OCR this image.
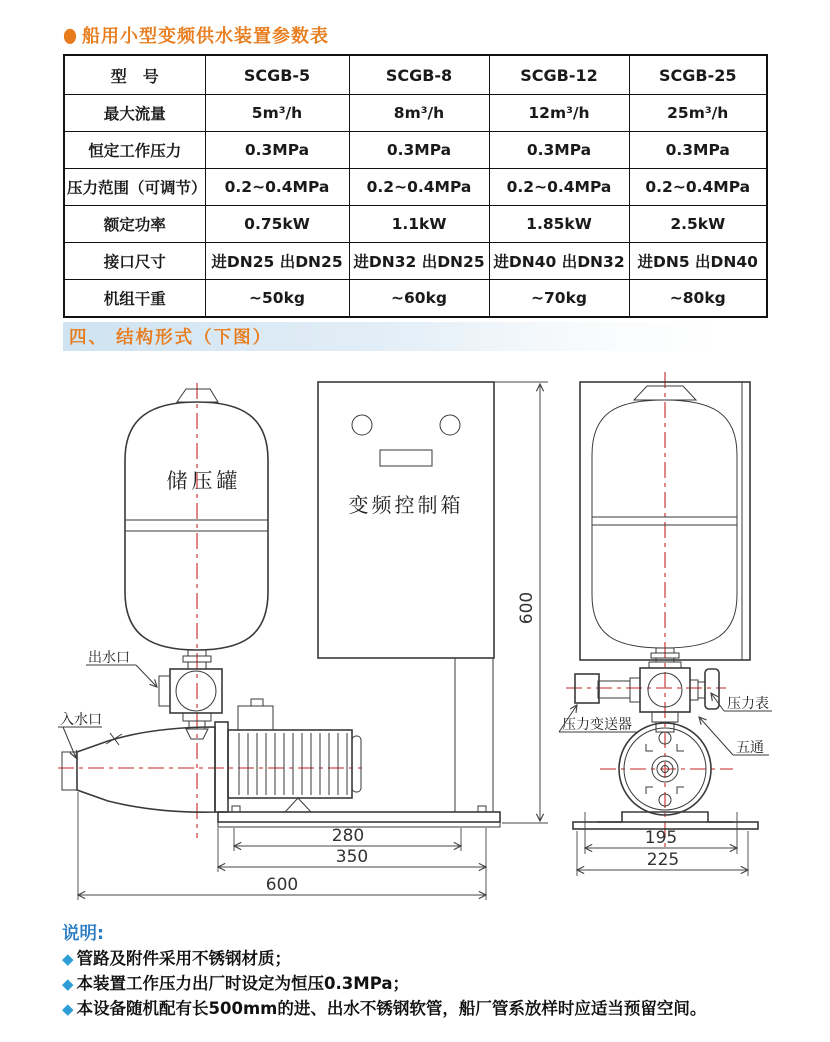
● 船用小型变频供水装置参数表
型　号	SCGB-5	SCGB-8	SCGB-12	SCGB-25
最大流量	5m³/h	8m³/h	12m³/h	25m³/h
恒定工作压力	0.3MPa	0.3MPa	0.3MPa	0.3MPa
压力范围（可调节）	0.2~0.4MPa	0.2~0.4MPa	0.2~0.4MPa	0.2~0.4MPa
额定功率	0.75kW	1.1kW	1.85kW	2.5kW
接口尺寸	进DN25 出DN25	进DN32 出DN25	进DN40 出DN32	进DN5 出DN40
机组干重	~50kg	~60kg	~70kg	~80kg
四、 结构形式（下图）
储压罐
变频控制箱
600
280
350
600
195
225
出水口
入水口	压力变送器
压力表
五通
说明:
◆ 管路及附件采用不锈钢材质；
◆ 本装置工作压力出厂时设定为恒压0.3MPa；
◆ 本设备随机配有长500mm的进、出水不锈钢软管，船厂管系放样时应适当预留空间。
